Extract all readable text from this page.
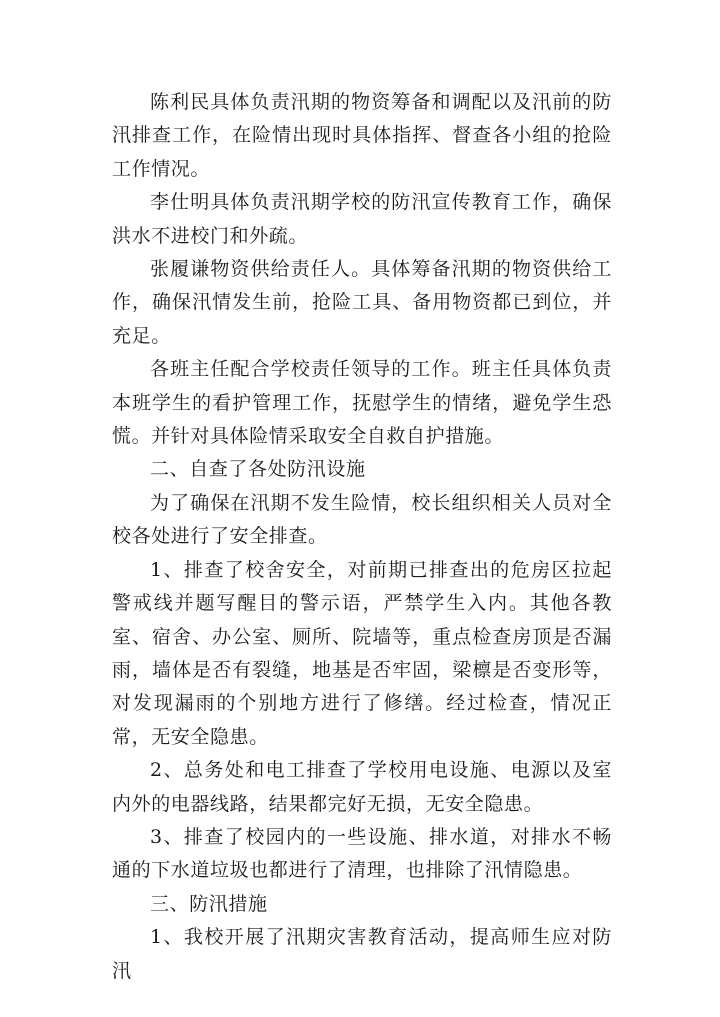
陈利民具体负责汛期的物资筹备和调配以及汛前的防汛排查工作，在险情出现时具体指挥、督查各小组的抢险工作情况。

李仕明具体负责汛期学校的防汛宣传教育工作，确保洪水不进校门和外疏。

张履谦物资供给责任人。具体筹备汛期的物资供给工作，确保汛情发生前，抢险工具、备用物资都已到位，并充足。

各班主任配合学校责任领导的工作。班主任具体负责本班学生的看护管理工作，抚慰学生的情绪，避免学生恐慌。并针对具体险情采取安全自救自护措施。

二、自查了各处防汛设施

为了确保在汛期不发生险情，校长组织相关人员对全校各处进行了安全排查。

1、排查了校舍安全，对前期已排查出的危房区拉起警戒线并题写醒目的警示语，严禁学生入内。其他各教室、宿舍、办公室、厕所、院墙等，重点检查房顶是否漏雨，墙体是否有裂缝，地基是否牢固，梁檩是否变形等，对发现漏雨的个别地方进行了修缮。经过检查，情况正常，无安全隐患。

2、总务处和电工排查了学校用电设施、电源以及室内外的电器线路，结果都完好无损，无安全隐患。

3、排查了校园内的一些设施、排水道，对排水不畅通的下水道垃圾也都进行了清理，也排除了汛情隐患。

三、防汛措施

1、我校开展了汛期灾害教育活动，提高师生应对防汛
